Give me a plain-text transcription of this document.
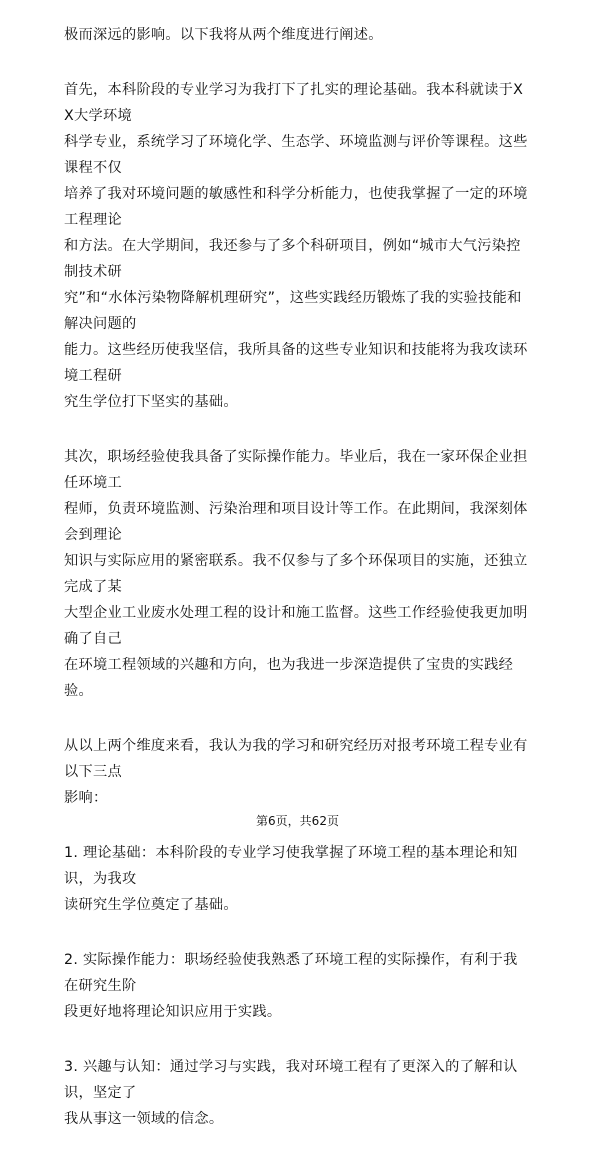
极而深远的影响。以下我将从两个维度进行阐述。

首先，本科阶段的专业学习为我打下了扎实的理论基础。我本科就读于XX大学环境
科学专业，系统学习了环境化学、生态学、环境监测与评价等课程。这些课程不仅
培养了我对环境问题的敏感性和科学分析能力，也使我掌握了一定的环境工程理论
和方法。在大学期间，我还参与了多个科研项目，例如“城市大气污染控制技术研
究”和“水体污染物降解机理研究”，这些实践经历锻炼了我的实验技能和解决问题的
能力。这些经历使我坚信，我所具备的这些专业知识和技能将为我攻读环境工程研
究生学位打下坚实的基础。

其次，职场经验使我具备了实际操作能力。毕业后，我在一家环保企业担任环境工
程师，负责环境监测、污染治理和项目设计等工作。在此期间，我深刻体会到理论
知识与实际应用的紧密联系。我不仅参与了多个环保项目的实施，还独立完成了某
大型企业工业废水处理工程的设计和施工监督。这些工作经验使我更加明确了自己
在环境工程领域的兴趣和方向，也为我进一步深造提供了宝贵的实践经验。

从以上两个维度来看，我认为我的学习和研究经历对报考环境工程专业有以下三点
影响：

1. 理论基础：本科阶段的专业学习使我掌握了环境工程的基本理论和知识，为我攻
读研究生学位奠定了基础。

2. 实际操作能力：职场经验使我熟悉了环境工程的实际操作，有利于我在研究生阶
段更好地将理论知识应用于实践。

3. 兴趣与认知：通过学习与实践，我对环境工程有了更深入的了解和认识，坚定了
我从事这一领域的信念。

第6页，共62页
